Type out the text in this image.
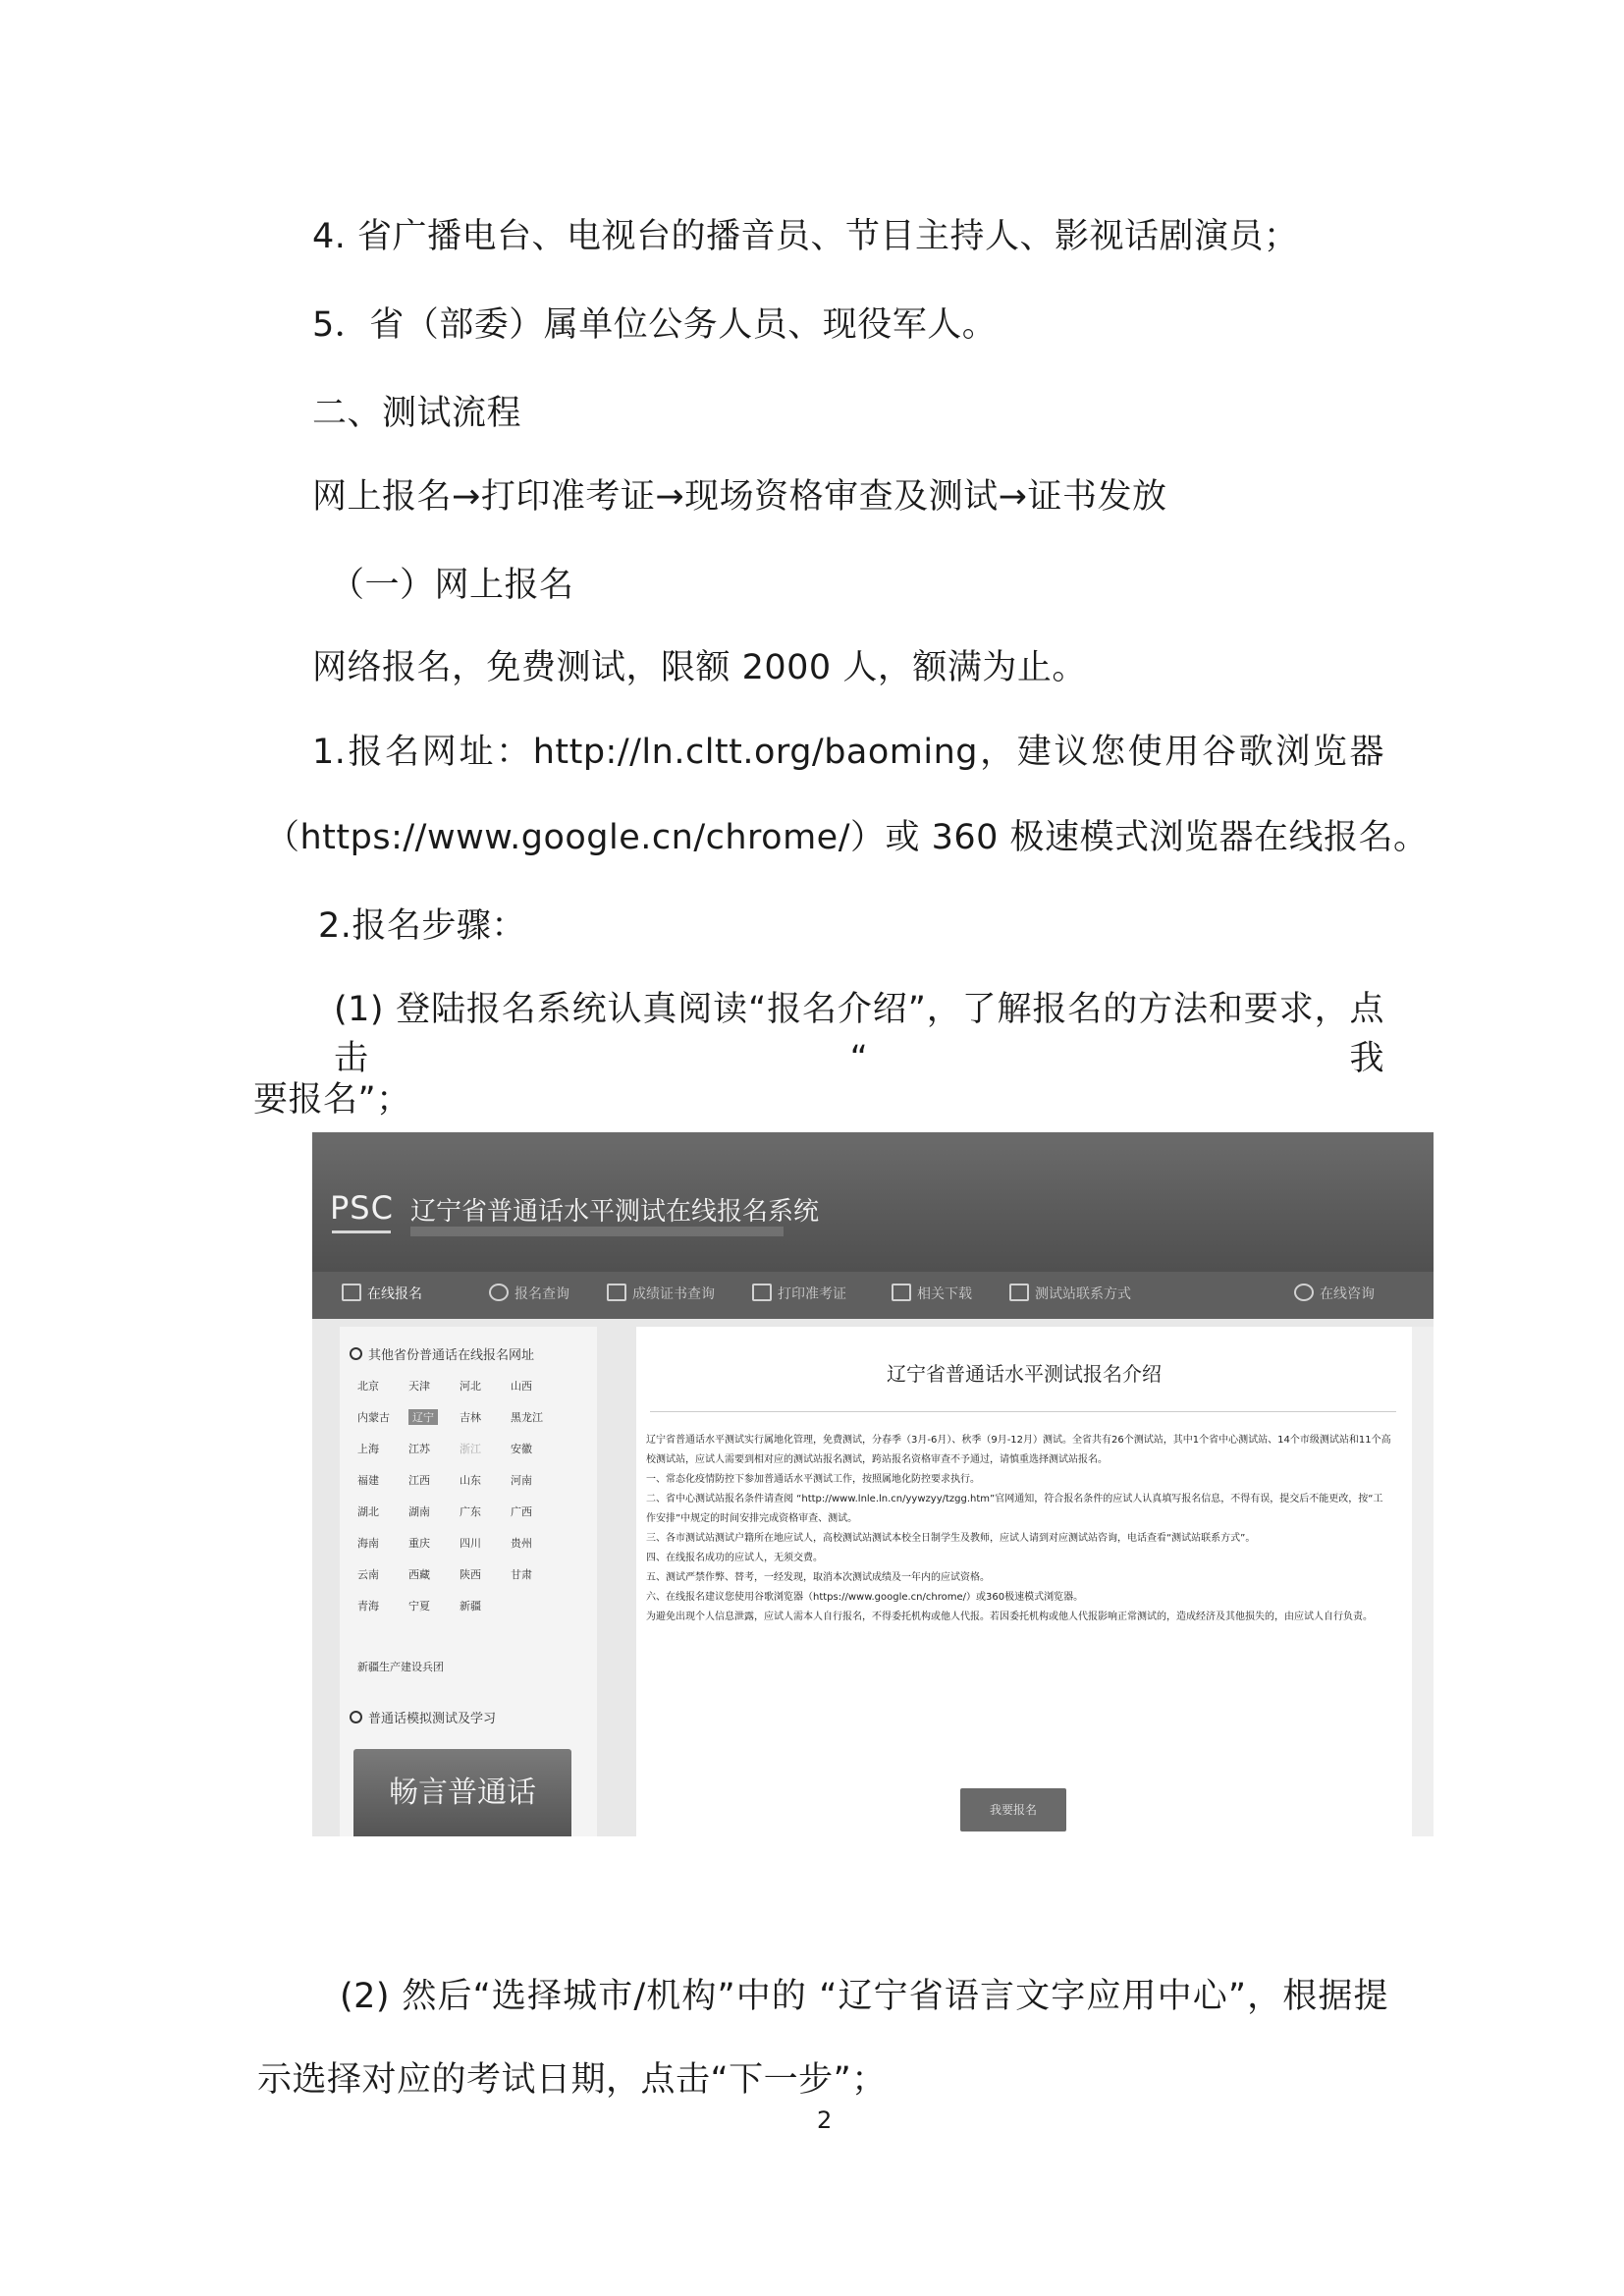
4. 省广播电台、电视台的播音员、节目主持人、影视话剧演员；
5．省（部委）属单位公务人员、现役军人。
二、测试流程
网上报名→打印准考证→现场资格审查及测试→证书发放
（一）网上报名
网络报名，免费测试，限额 2000 人，额满为止。
1.报名网址：http://ln.cltt.org/baoming，建议您使用谷歌浏览器
（https://www.google.cn/chrome/）或 360 极速模式浏览器在线报名。
2.报名步骤：
(1) 登陆报名系统认真阅读“报名介绍”，了解报名的方法和要求，点击“我
要报名”；
PSC 辽宁省普通话水平测试在线报名系统
在线报名	报名查询	成绩证书查询	打印准考证	相关下载	测试站联系方式	在线咨询
其他省份普通话在线报名网址
北京	天津	河北	山西
内蒙古	辽宁	吉林	黑龙江
上海	江苏	浙江	安徽
福建	江西	山东	河南
湖北	湖南	广东	广西
海南	重庆	四川	贵州
云南	西藏	陕西	甘肃
青海	宁夏	新疆
新疆生产建设兵团
普通话模拟测试及学习
畅言普通话
辽宁省普通话水平测试报名介绍

辽宁省普通话水平测试实行属地化管理，免费测试，分春季（3月-6月）、秋季（9月-12月）测试。全省共有26个测试站，其中1个省中心测试站、14个市级测试站和11个高校测试站，应试人需要到相对应的测试站报名测试，跨站报名资格审查不予通过，请慎重选择测试站报名。

一、常态化疫情防控下参加普通话水平测试工作，按照属地化防控要求执行。

二、省中心测试站报名条件请查阅 “http://www.lnle.ln.cn/yywzyy/tzgg.htm”官网通知，符合报名条件的应试人认真填写报名信息，不得有误，提交后不能更改，按“工作安排”中规定的时间安排完成资格审查、测试。

三、各市测试站测试户籍所在地应试人，高校测试站测试本校全日制学生及教师，应试人请到对应测试站咨询，电话查看“测试站联系方式”。

四、在线报名成功的应试人，无须交费。

五、测试严禁作弊、替考，一经发现，取消本次测试成绩及一年内的应试资格。

六、在线报名建议您使用谷歌浏览器（https://www.google.cn/chrome/）或360极速模式浏览器。

为避免出现个人信息泄露，应试人需本人自行报名，不得委托机构或他人代报。若因委托机构或他人代报影响正常测试的，造成经济及其他损失的，由应试人自行负责。

我要报名
(2) 然后“选择城市/机构”中的 “辽宁省语言文字应用中心”，根据提
示选择对应的考试日期，点击“下一步”；
2
